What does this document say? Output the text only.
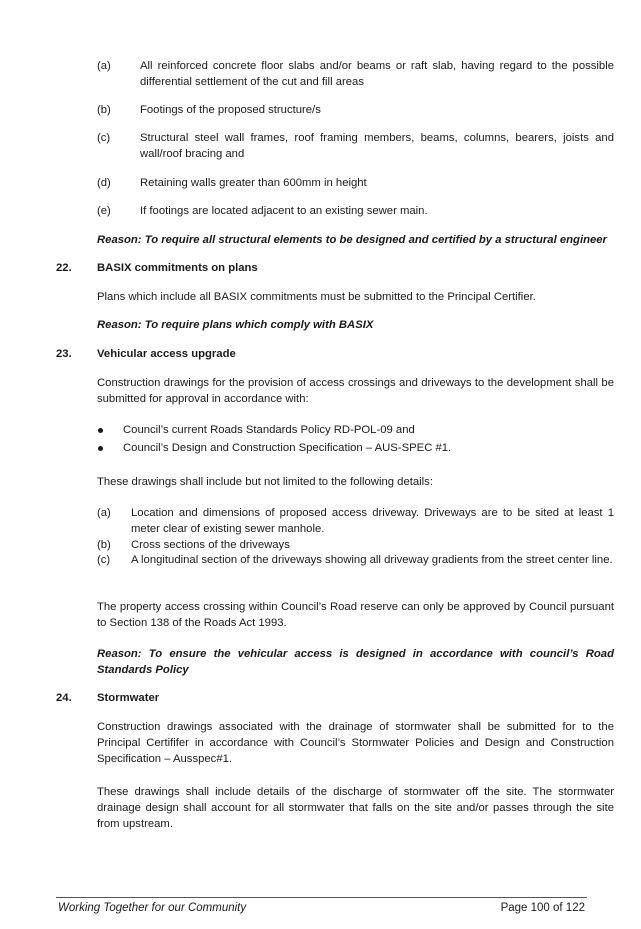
(a)	All reinforced concrete floor slabs and/or beams or raft slab, having regard to the possible differential settlement of the cut and fill areas
(b)	Footings of the proposed structure/s
(c)	Structural steel wall frames, roof framing members, beams, columns, bearers, joists and wall/roof bracing and
(d)	Retaining walls greater than 600mm in height
(e)	If footings are located adjacent to an existing sewer main.
Reason: To require all structural elements to be designed and certified by a structural engineer
22. BASIX commitments on plans
Plans which include all BASIX commitments must be submitted to the Principal Certifier.
Reason: To require plans which comply with BASIX
23. Vehicular access upgrade
Construction drawings for the provision of access crossings and driveways to the development shall be submitted for approval in accordance with:
Council’s current Roads Standards Policy RD-POL-09 and
Council’s Design and Construction Specification – AUS-SPEC #1.
These drawings shall include but not limited to the following details:
(a) Location and dimensions of proposed access driveway. Driveways are to be sited at least 1 meter clear of existing sewer manhole.
(b) Cross sections of the driveways
(c) A longitudinal section of the driveways showing all driveway gradients from the street center line.
The property access crossing within Council’s Road reserve can only be approved by Council pursuant to Section 138 of the Roads Act 1993.
Reason: To ensure the vehicular access is designed in accordance with council’s Road Standards Policy
24. Stormwater
Construction drawings associated with the drainage of stormwater shall be submitted for to the Principal Certififer in accordance with Council’s Stormwater Policies and Design and Construction Specification – Ausspec#1.
These drawings shall include details of the discharge of stormwater off the site. The stormwater drainage design shall account for all stormwater that falls on the site and/or passes through the site from upstream.
Working Together for our Community	Page 100 of 122
